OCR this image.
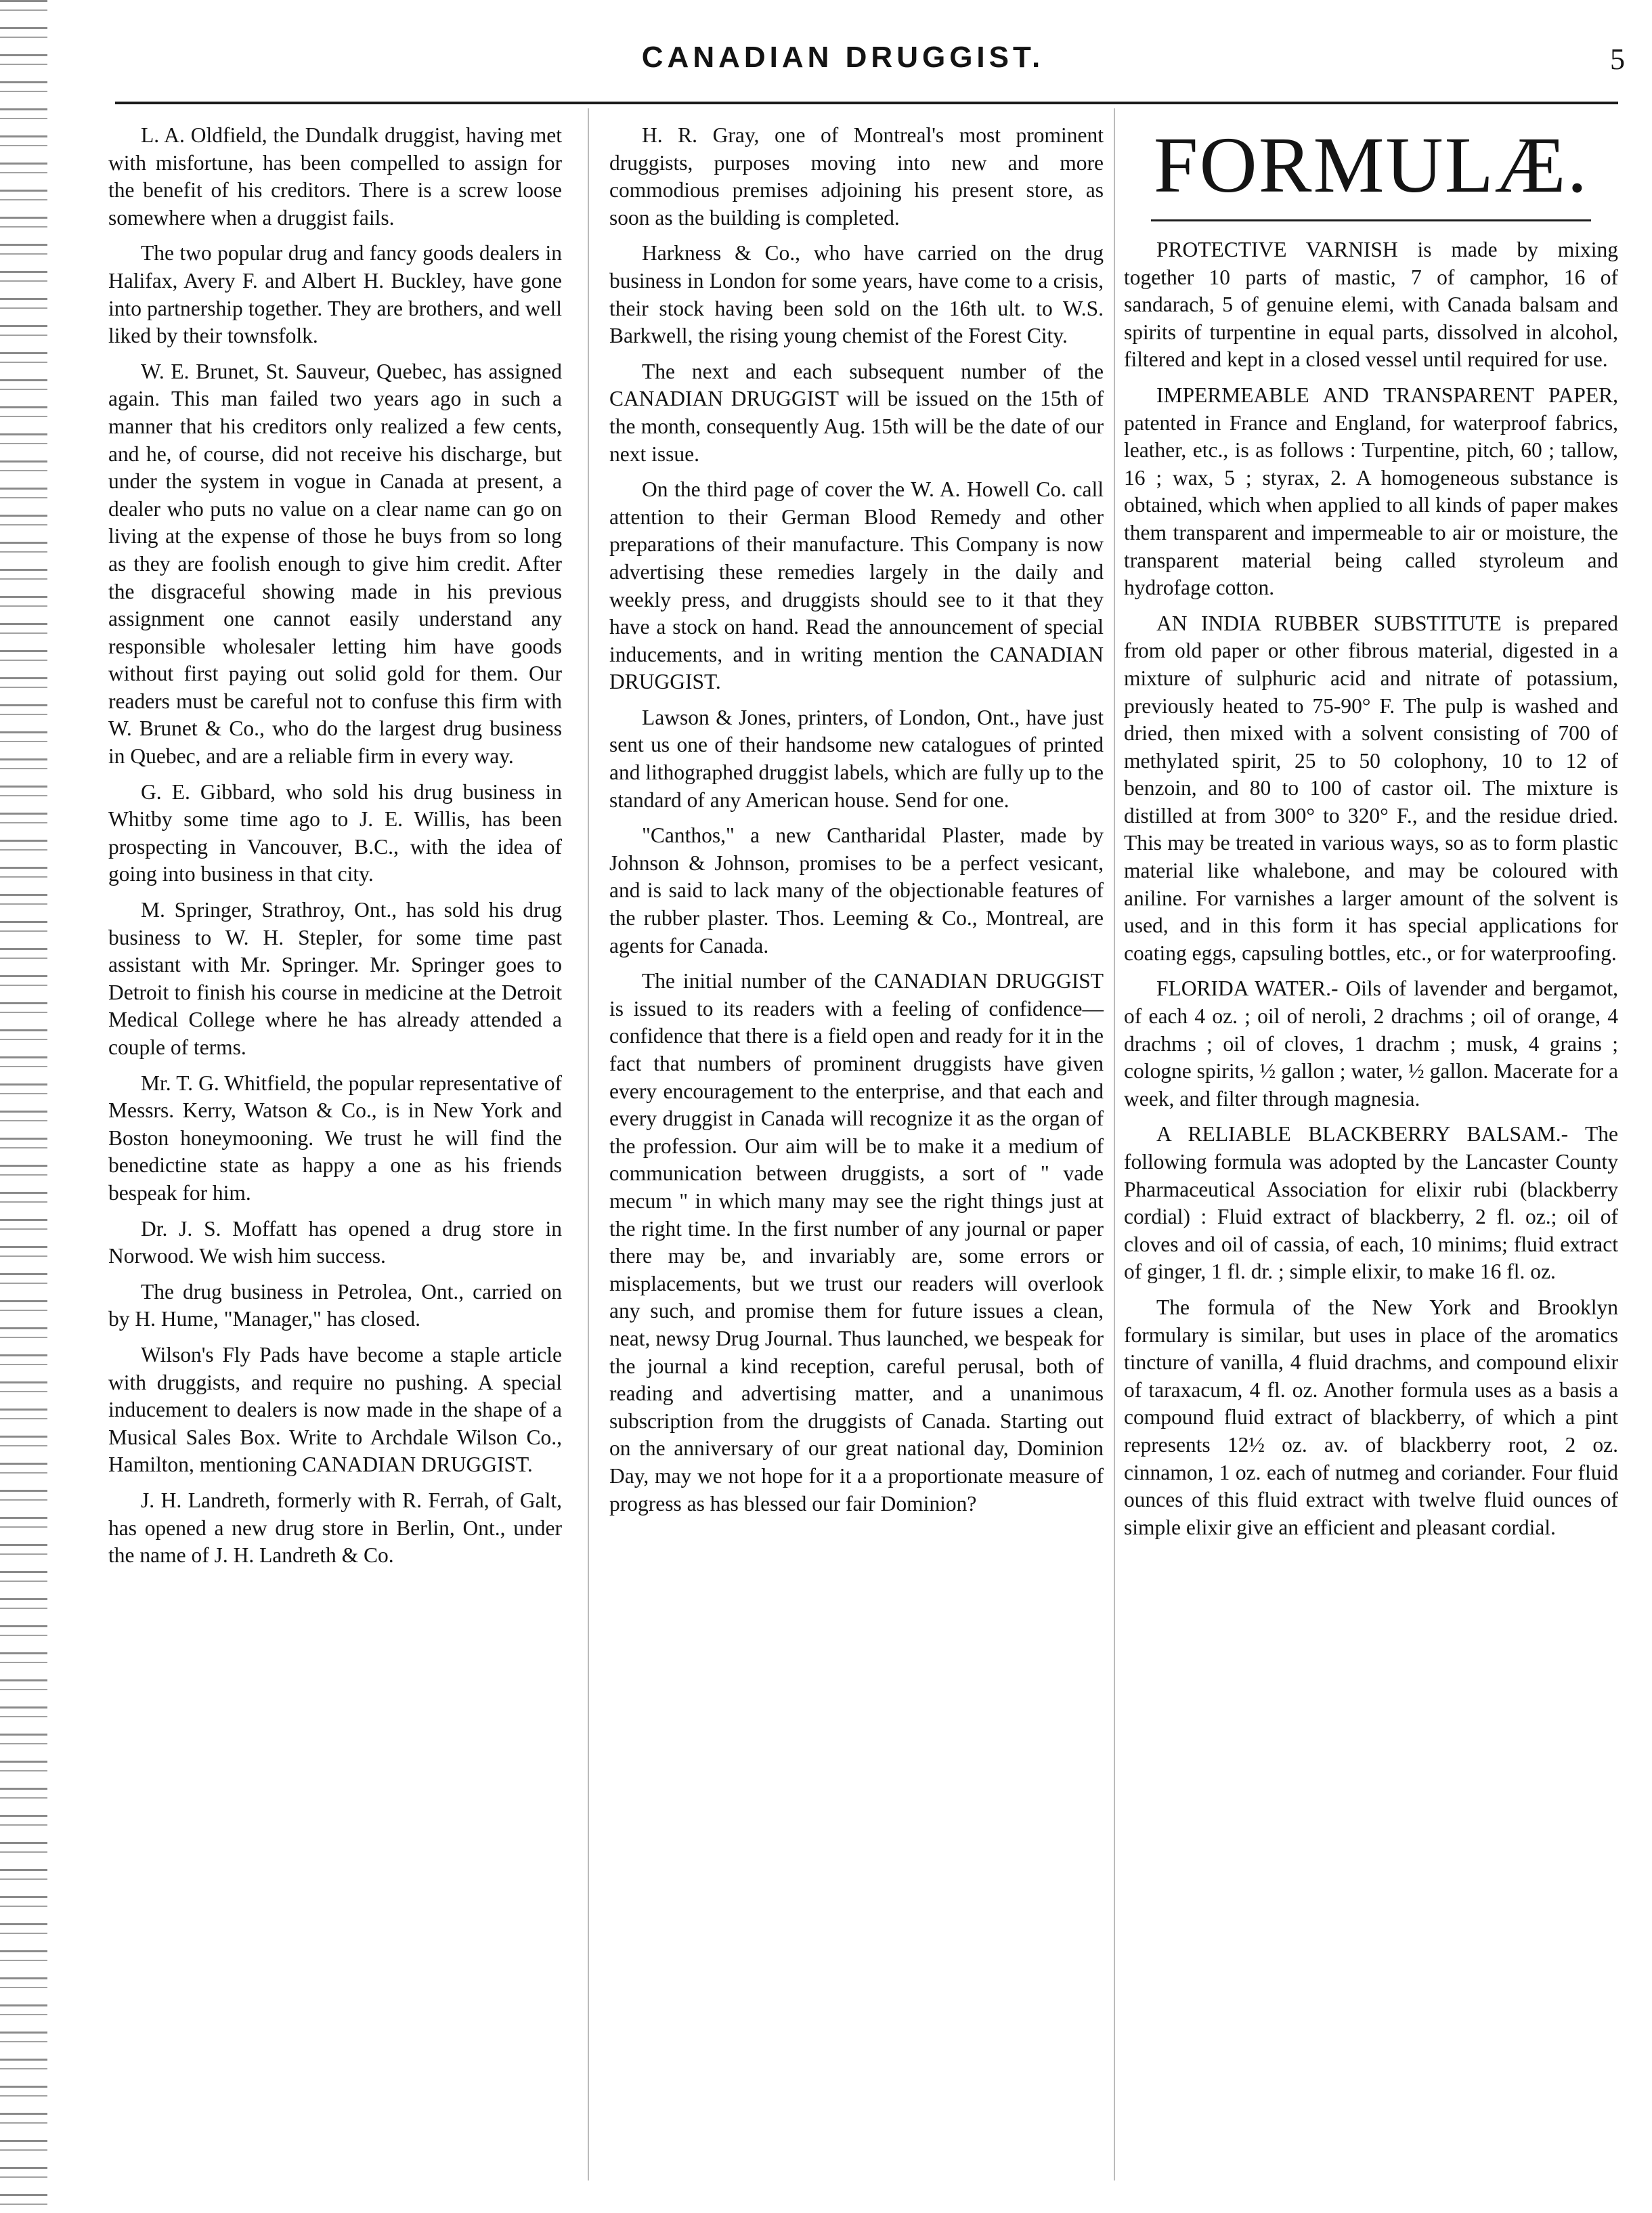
CANADIAN DRUGGIST.	5

L. A. Oldfield, the Dundalk druggist, having met with misfortune, has been compelled to assign for the benefit of his creditors. There is a screw loose somewhere when a druggist fails.

The two popular drug and fancy goods dealers in Halifax, Avery F. and Albert H. Buckley, have gone into partnership together. They are brothers, and well liked by their townsfolk.

W. E. Brunet, St. Sauveur, Quebec, has assigned again. This man failed two years ago in such a manner that his creditors only realized a few cents, and he, of course, did not receive his discharge, but under the system in vogue in Canada at present, a dealer who puts no value on a clear name can go on living at the expense of those he buys from so long as they are foolish enough to give him credit. After the disgraceful showing made in his previous assignment one cannot easily understand any responsible wholesaler letting him have goods without first paying out solid gold for them. Our readers must be careful not to confuse this firm with W. Brunet & Co., who do the largest drug business in Quebec, and are a reliable firm in every way.

G. E. Gibbard, who sold his drug business in Whitby some time ago to J. E. Willis, has been prospecting in Vancouver, B.C., with the idea of going into business in that city.

M. Springer, Strathroy, Ont., has sold his drug business to W. H. Stepler, for some time past assistant with Mr. Springer. Mr. Springer goes to Detroit to finish his course in medicine at the Detroit Medical College where he has already attended a couple of terms.

Mr. T. G. Whitfield, the popular representative of Messrs. Kerry, Watson & Co., is in New York and Boston honeymooning. We trust he will find the benedictine state as happy a one as his friends bespeak for him.

Dr. J. S. Moffatt has opened a drug store in Norwood. We wish him success.

The drug business in Petrolea, Ont., carried on by H. Hume, "Manager," has closed.

Wilson's Fly Pads have become a staple article with druggists, and require no pushing. A special inducement to dealers is now made in the shape of a Musical Sales Box. Write to Archdale Wilson Co., Hamilton, mentioning CANADIAN DRUGGIST.

J. H. Landreth, formerly with R. Ferrah, of Galt, has opened a new drug store in Berlin, Ont., under the name of J. H. Landreth & Co.

H. R. Gray, one of Montreal's most prominent druggists, purposes moving into new and more commodious premises adjoining his present store, as soon as the building is completed.

Harkness & Co., who have carried on the drug business in London for some years, have come to a crisis, their stock having been sold on the 16th ult. to W.S. Barkwell, the rising young chemist of the Forest City.

The next and each subsequent number of the CANADIAN DRUGGIST will be issued on the 15th of the month, consequently Aug. 15th will be the date of our next issue.

On the third page of cover the W. A. Howell Co. call attention to their German Blood Remedy and other preparations of their manufacture. This Company is now advertising these remedies largely in the daily and weekly press, and druggists should see to it that they have a stock on hand. Read the announcement of special inducements, and in writing mention the CANADIAN DRUGGIST.

Lawson & Jones, printers, of London, Ont., have just sent us one of their handsome new catalogues of printed and lithographed druggist labels, which are fully up to the standard of any American house. Send for one.

"Canthos," a new Cantharidal Plaster, made by Johnson & Johnson, promises to be a perfect vesicant, and is said to lack many of the objectionable features of the rubber plaster. Thos. Leeming & Co., Montreal, are agents for Canada.

The initial number of the CANADIAN DRUGGIST is issued to its readers with a feeling of confidence—confidence that there is a field open and ready for it in the fact that numbers of prominent druggists have given every encouragement to the enterprise, and that each and every druggist in Canada will recognize it as the organ of the profession. Our aim will be to make it a medium of communication between druggists, a sort of " vade mecum " in which many may see the right things just at the right time. In the first number of any journal or paper there may be, and invariably are, some errors or misplacements, but we trust our readers will overlook any such, and promise them for future issues a clean, neat, newsy Drug Journal. Thus launched, we bespeak for the journal a kind reception, careful perusal, both of reading and advertising matter, and a unanimous subscription from the druggists of Canada. Starting out on the anniversary of our great national day, Dominion Day, may we not hope for it a a proportionate measure of progress as has blessed our fair Dominion?

FORMULÆ.

PROTECTIVE VARNISH is made by mixing together 10 parts of mastic, 7 of camphor, 16 of sandarach, 5 of genuine elemi, with Canada balsam and spirits of turpentine in equal parts, dissolved in alcohol, filtered and kept in a closed vessel until required for use.

IMPERMEABLE AND TRANSPARENT PAPER, patented in France and England, for waterproof fabrics, leather, etc., is as follows : Turpentine, pitch, 60 ; tallow, 16 ; wax, 5 ; styrax, 2. A homogeneous substance is obtained, which when applied to all kinds of paper makes them transparent and impermeable to air or moisture, the transparent material being called styroleum and hydrofage cotton.

AN INDIA RUBBER SUBSTITUTE is prepared from old paper or other fibrous material, digested in a mixture of sulphuric acid and nitrate of potassium, previously heated to 75-90° F. The pulp is washed and dried, then mixed with a solvent consisting of 700 of methylated spirit, 25 to 50 colophony, 10 to 12 of benzoin, and 80 to 100 of castor oil. The mixture is distilled at from 300° to 320° F., and the residue dried. This may be treated in various ways, so as to form plastic material like whalebone, and may be coloured with aniline. For varnishes a larger amount of the solvent is used, and in this form it has special applications for coating eggs, capsuling bottles, etc., or for waterproofing.

FLORIDA WATER.- Oils of lavender and bergamot, of each 4 oz. ; oil of neroli, 2 drachms ; oil of orange, 4 drachms ; oil of cloves, 1 drachm ; musk, 4 grains ; cologne spirits, ½ gallon ; water, ½ gallon. Macerate for a week, and filter through magnesia.

A RELIABLE BLACKBERRY BALSAM.- The following formula was adopted by the Lancaster County Pharmaceutical Association for elixir rubi (blackberry cordial) : Fluid extract of blackberry, 2 fl. oz.; oil of cloves and oil of cassia, of each, 10 minims; fluid extract of ginger, 1 fl. dr. ; simple elixir, to make 16 fl. oz.

The formula of the New York and Brooklyn formulary is similar, but uses in place of the aromatics tincture of vanilla, 4 fluid drachms, and compound elixir of taraxacum, 4 fl. oz. Another formula uses as a basis a compound fluid extract of blackberry, of which a pint represents 12½ oz. av. of blackberry root, 2 oz. cinnamon, 1 oz. each of nutmeg and coriander. Four fluid ounces of this fluid extract with twelve fluid ounces of simple elixir give an efficient and pleasant cordial.
